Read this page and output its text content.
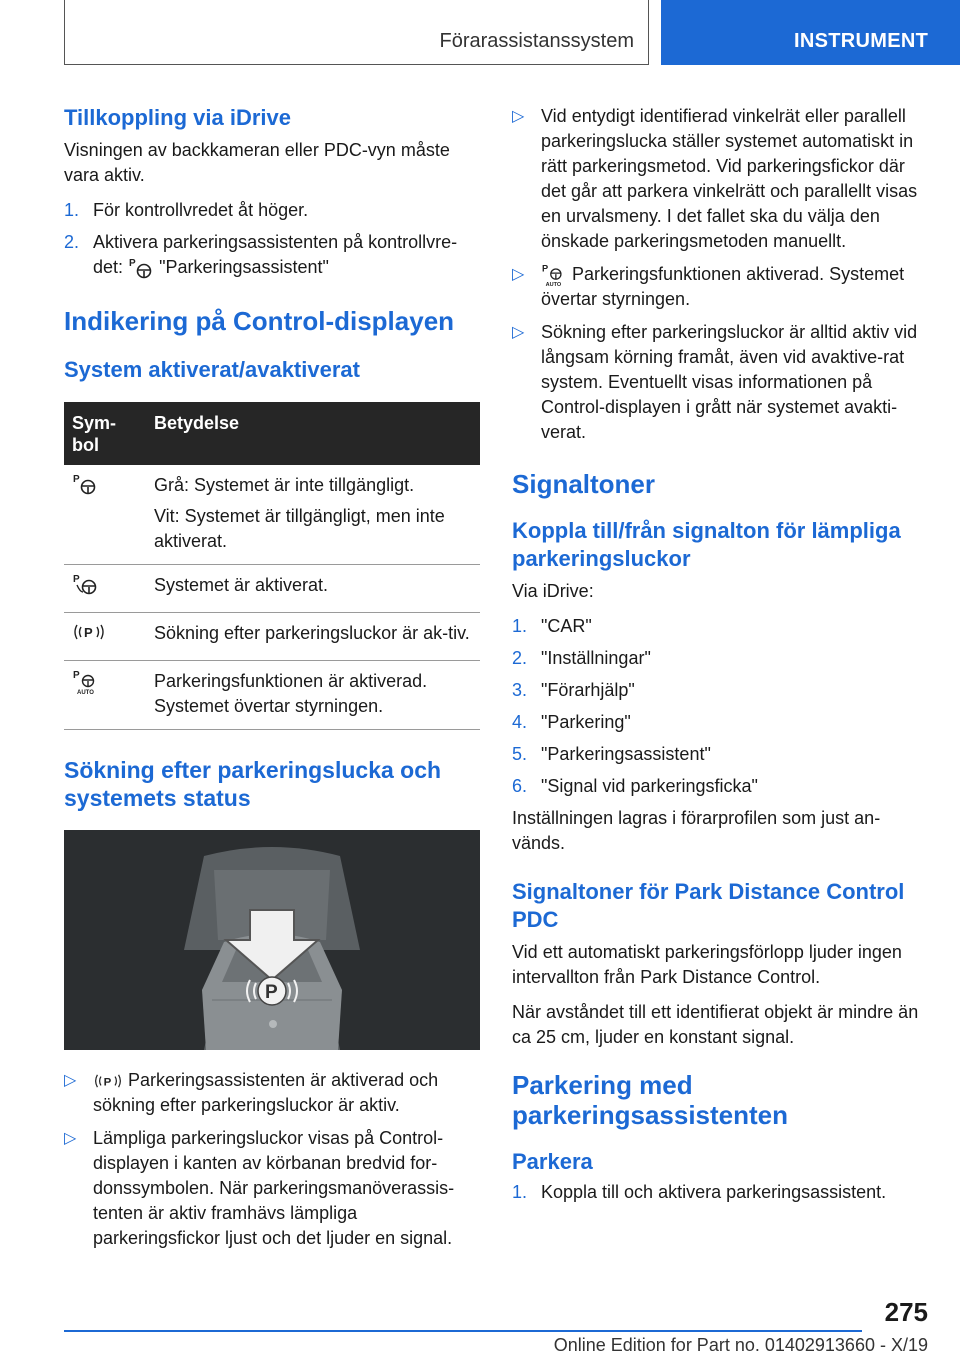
Förarassistanssystem	INSTRUMENT
Tillkoppling via iDrive

Visningen av backkameran eller PDC-vyn måste vara aktiv.

1. För kontrollvredet åt höger.
2. Aktivera parkeringsassistenten på kontrollvre-det: P "Parkeringsassistent"
Indikering på Control-displayen
System aktiverat/avaktiverat
Sym-bol	Betydelse

P	Grå: Systemet är inte tillgängligt.

Vit: Systemet är tillgängligt, men inte aktiverat.

P	Systemet är aktiverat.

P	Sökning efter parkeringsluckor är ak-tiv.

P
AUTO	Parkeringsfunktionen är aktiverad. Systemet övertar styrningen.

Sökning efter parkeringslucka och systemets status
P
▷ P Parkeringsassistenten är aktiverad och sökning efter parkeringsluckor är aktiv.
▷ Lämpliga parkeringsluckor visas på Control-displayen i kanten av körbanan bredvid for-donssymbolen. När parkeringsmanöverassis-tenten är aktiv framhävs lämpliga parkeringsfickor ljust och det ljuder en signal.
▷ Vid entydigt identifierad vinkelrät eller parallell parkeringslucka ställer systemet automatiskt in rätt parkeringsmetod. Vid parkeringsfickor där det går att parkera vinkelrätt och parallellt visas en urvalsmeny. I det fallet ska du välja den önskade parkeringsmetoden manuellt.
▷ P
AUTO
Parkeringsfunktionen aktiverad. Systemet övertar styrningen.
▷ Sökning efter parkeringsluckor är alltid aktiv vid långsam körning framåt, även vid avaktive-rat system. Eventuellt visas informationen på Control-displayen i grått när systemet avakti-verat.
Signaltoner
Koppla till/från signalton för lämpliga parkeringsluckor

Via iDrive:

1. "CAR"
2. "Inställningar"
3. "Förarhjälp"
4. "Parkering"
5. "Parkeringsassistent"
6. "Signal vid parkeringsficka"

Inställningen lagras i förarprofilen som just an-vänds.

Signaltoner för Park Distance Control PDC

Vid ett automatiskt parkeringsförlopp ljuder ingen intervallton från Park Distance Control.

När avståndet till ett identifierat objekt är mindre än ca 25 cm, ljuder en konstant signal.

Parkering med parkeringsassistenten
Parkera
1. Koppla till och aktivera parkeringsassistent.
275
Online Edition for Part no. 01402913660 - X/19
